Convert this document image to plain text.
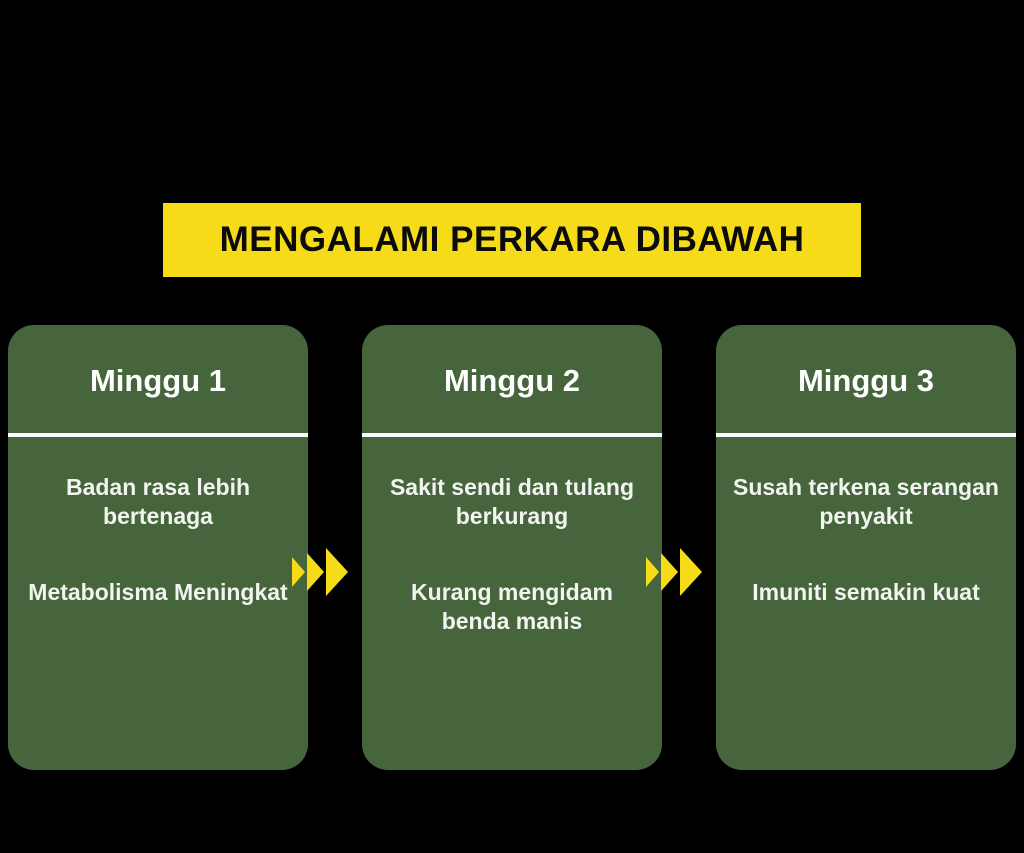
MENGALAMI PERKARA DIBAWAH
Minggu 1
Badan rasa lebih bertenaga
Metabolisma Meningkat
Minggu 2
Sakit sendi dan tulang berkurang
Kurang mengidam benda manis
Minggu 3
Susah terkena serangan penyakit
Imuniti semakin kuat
